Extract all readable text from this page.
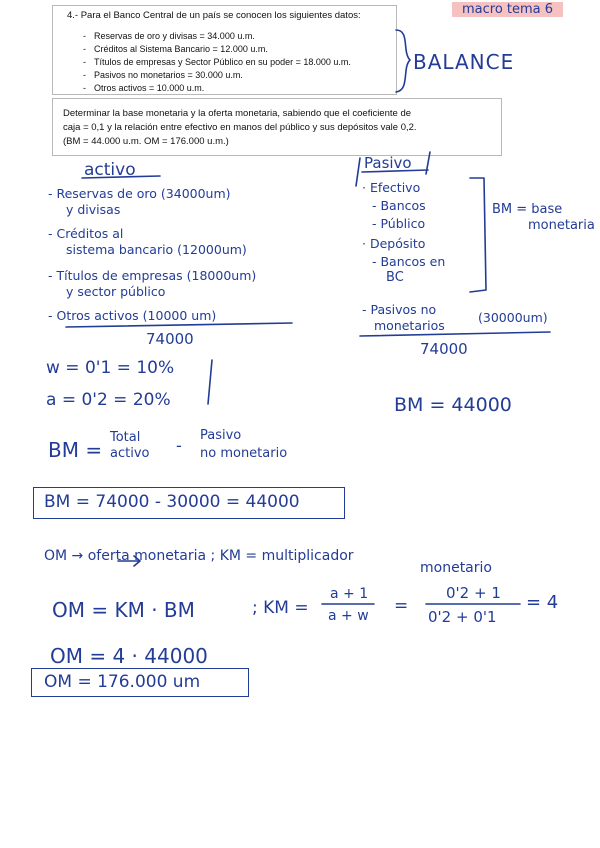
4.- Para el Banco Central de un país se conocen los siguientes datos:
- Reservas de oro y divisas = 34.000 u.m.
- Créditos al Sistema Bancario = 12.000 u.m.
- Títulos de empresas y Sector Público en su poder = 18.000 u.m.
- Pasivos no monetarios = 30.000 u.m.
- Otros activos = 10.000 u.m.
Determinar la base monetaria y la oferta monetaria, sabiendo que el coeficiente de
caja = 0,1 y la relación entre efectivo en manos del público y sus depósitos vale 0,2.
(BM = 44.000 u.m. OM = 176.000 u.m.)
macro tema 6
BALANCE
activo
- Reservas de oro (34000um)
y divisas
- Créditos al
sistema bancario (12000um)
- Títulos de empresas (18000um)
y sector público
- Otros activos (10000 um)
74000
Pasivo
· Efectivo
- Bancos
- Público
· Depósito
- Bancos en
BC
- Pasivos no
monetarios
(30000um)
74000
BM = base
monetaria
w = 0'1 = 10%
a = 0'2 = 20%	BM = 44000
BM =
Total
activo -
Pasivo
no monetario
BM = 74000 - 30000 = 44000
OM → oferta monetaria ; KM = multiplicador
monetario
OM = KM · BM	; KM =
a + 1
a + w =
0'2 + 1
0'2 + 0'1
= 4
OM = 4 · 44000
OM = 176.000 um
